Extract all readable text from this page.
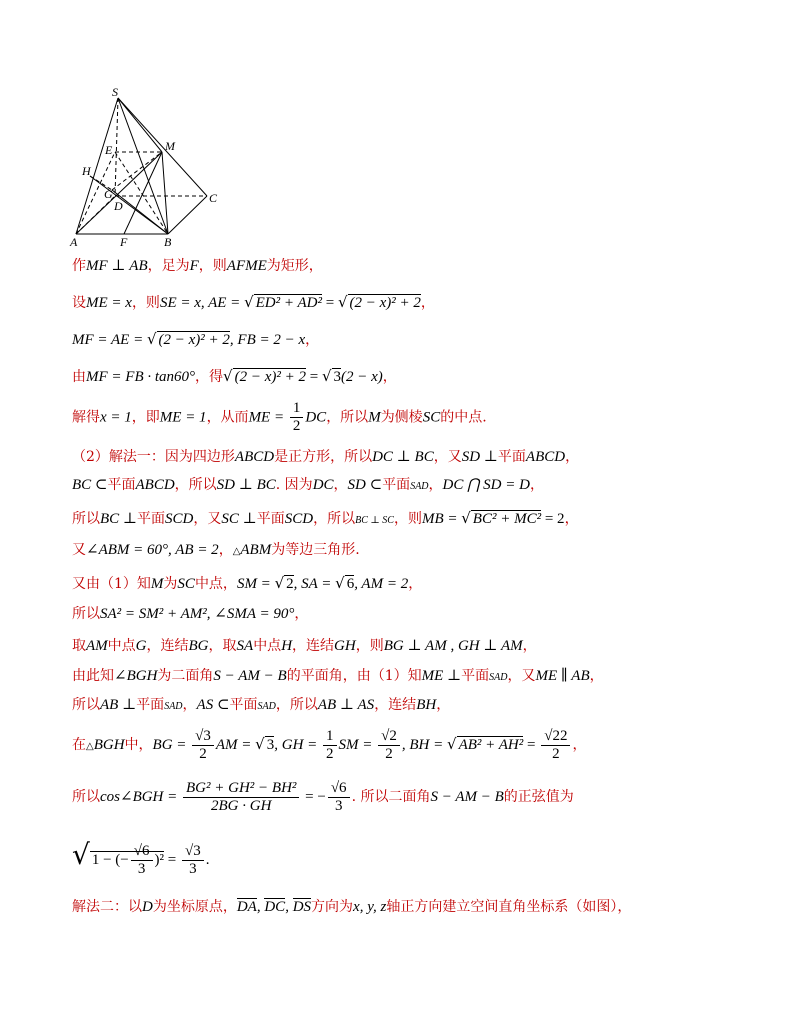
S
E	M
H
G
D
C
A	F	B
作MF ⊥ AB，足为F，则AFME为矩形，
设ME = x，则SE = x, AE = √ ED² + AD² = √ (2 − x)² + 2，
MF = AE = √ (2 − x)² + 2, FB = 2 − x，
由MF = FB · tan60°，得√ (2 − x)² + 2 = √ 3(2 − x)，
解得x = 1，即ME = 1，从而ME = $\frac{1}{2}$ DC，所以M为侧棱SC的中点.
（2）解法一：因为四边形ABCD是正方形，所以DC ⊥ BC，又SD ⊥平面ABCD，
BC ⊂平面ABCD，所以SD ⊥ BC. 因为DC，SD ⊂平面SAD，DC ⋂ SD = D，
所以BC ⊥平面SCD，又SC ⊥平面SCD，所以BC ⊥ SC，则MB = √ BC² + MC² = 2，
又∠ABM = 60°, AB = 2，△ABM为等边三角形.
又由（1）知M为SC中点，SM = √ 2, SA = √ 6, AM = 2，
所以SA² = SM² + AM², ∠SMA = 90°，
取AM中点G，连结BG，取SA中点H，连结GH，则BG ⊥ AM , GH ⊥ AM，
由此知∠BGH为二面角S − AM − B的平面角，由（1）知ME ⊥平面SAD，又ME ∥ AB，
所以AB ⊥平面SAD，AS ⊂平面SAD，所以AB ⊥ AS，连结BH，
在△BGH中，BG = $\frac{√3}{2}$ AM = √ 3, GH = $\frac{1}{2}$ SM = $\frac{√2}{2}$ , BH = √ $AB^2 + AH^2 = \frac{√22}{2}$ ，
所以cos∠BGH = $\frac{\text{BG² + GH² − BH²}}{2BG \cdot GH}$ = − $\frac{√6}{3}$ . 所以二面角S − AM − B的正弦值为
√ 1 − (− $\frac{√6}{3} )^2 = \frac{√3}{3}$ .
解法二：以D为坐标原点，DA, DC, DS方向为x, y, z轴正方向建立空间直角坐标系（如图），
